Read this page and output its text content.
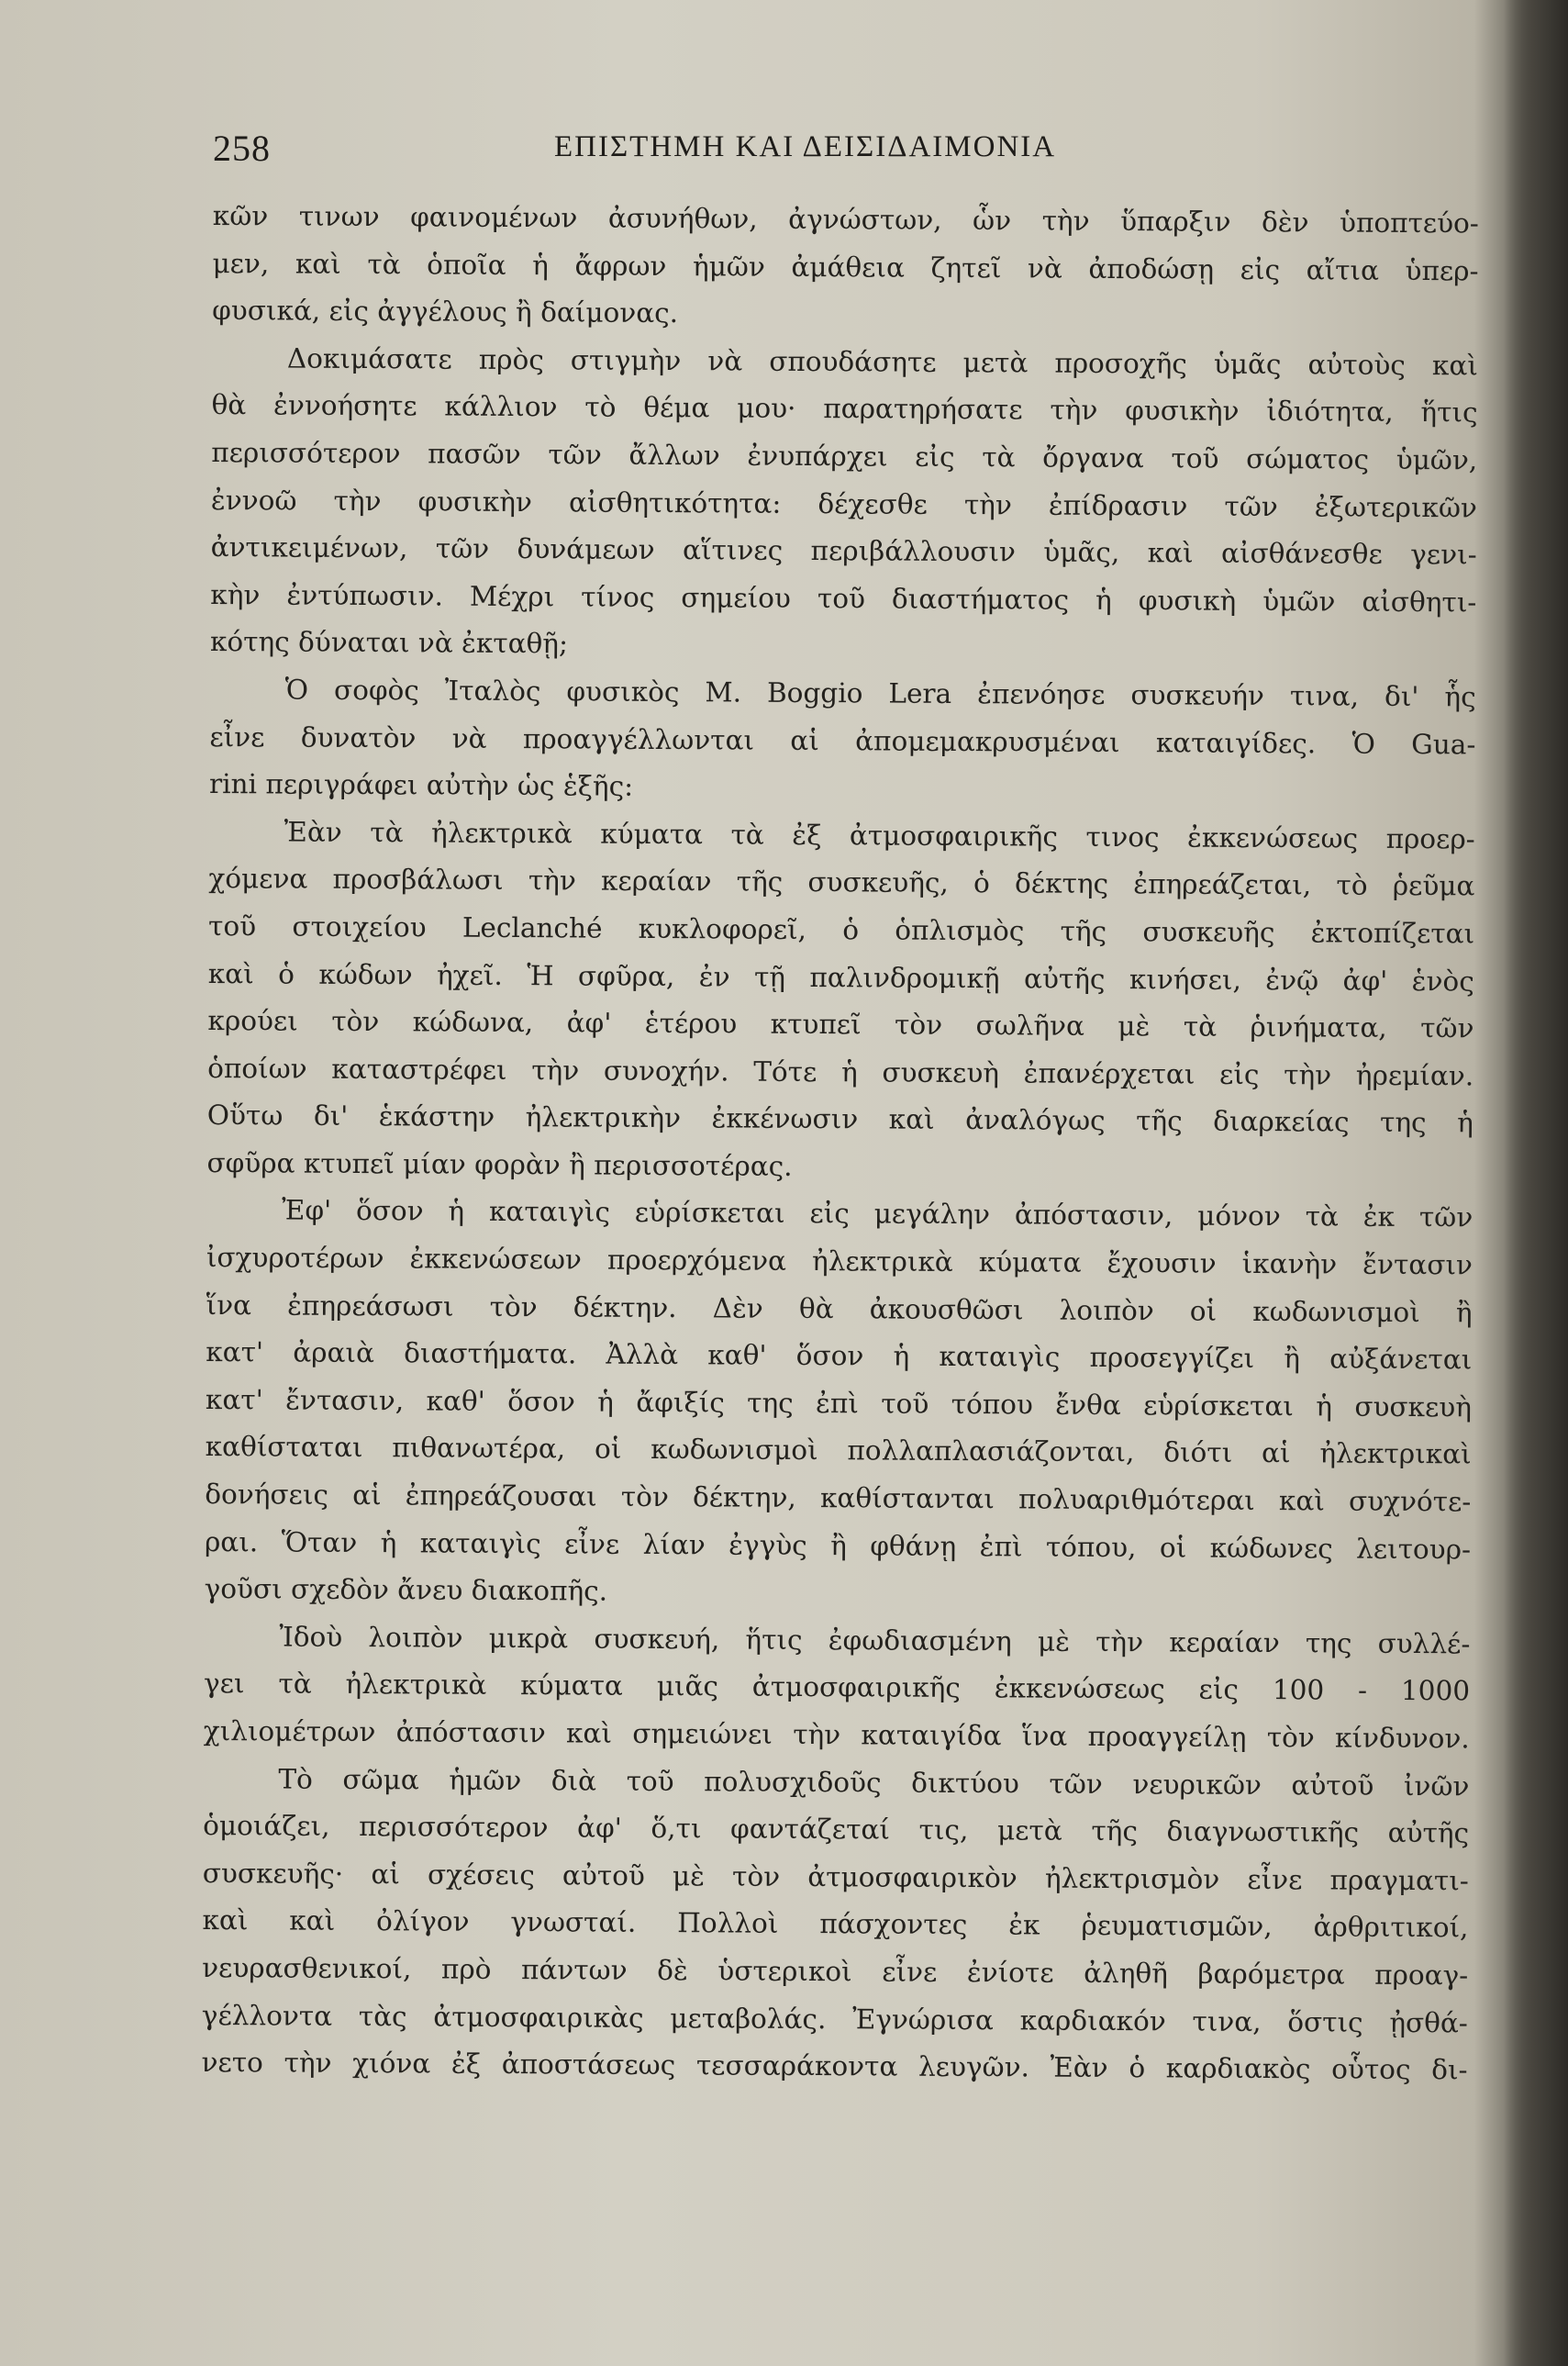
258	ΕΠΙΣΤΗΜΗ ΚΑΙ ΔΕΙΣΙΔΑΙΜΟΝΙΑ
κῶν τινων φαινομένων ἀσυνήθων, ἀγνώστων, ὧν τὴν ὕπαρξιν δὲν ὑποπτεύο-
μεν, καὶ τὰ ὁποῖα ἡ ἄφρων ἡμῶν ἀμάθεια ζητεῖ νὰ ἀποδώσῃ εἰς αἴτια ὑπερ-
φυσικά, εἰς ἀγγέλους ἢ δαίμονας.
Δοκιμάσατε πρὸς στιγμὴν νὰ σπουδάσητε μετὰ προσοχῆς ὑμᾶς αὐτοὺς καὶ
θὰ ἐννοήσητε κάλλιον τὸ θέμα μου· παρατηρήσατε τὴν φυσικὴν ἰδιότητα, ἥτις
περισσότερον πασῶν τῶν ἄλλων ἐνυπάρχει εἰς τὰ ὄργανα τοῦ σώματος ὑμῶν,
ἐννοῶ τὴν φυσικὴν αἰσθητικότητα: δέχεσθε τὴν ἐπίδρασιν τῶν ἐξωτερικῶν
ἀντικειμένων, τῶν δυνάμεων αἵτινες περιβάλλουσιν ὑμᾶς, καὶ αἰσθάνεσθε γενι-
κὴν ἐντύπωσιν. Μέχρι τίνος σημείου τοῦ διαστήματος ἡ φυσικὴ ὑμῶν αἰσθητι-
κότης δύναται νὰ ἐκταθῇ;
Ὁ σοφὸς Ἰταλὸς φυσικὸς Μ. Boggio Lera ἐπενόησε συσκευήν τινα, δι' ἧς
εἶνε δυνατὸν νὰ προαγγέλλωνται αἱ ἀπομεμακρυσμέναι καταιγίδες. Ὁ Gua-
rini περιγράφει αὐτὴν ὡς ἑξῆς:
Ἐὰν τὰ ἠλεκτρικὰ κύματα τὰ ἐξ ἀτμοσφαιρικῆς τινος ἐκκενώσεως προερ-
χόμενα προσβάλωσι τὴν κεραίαν τῆς συσκευῆς, ὁ δέκτης ἐπηρεάζεται, τὸ ῥεῦμα
τοῦ στοιχείου Leclanché κυκλοφορεῖ, ὁ ὁπλισμὸς τῆς συσκευῆς ἐκτοπίζεται
καὶ ὁ κώδων ἠχεῖ. Ἡ σφῦρα, ἐν τῇ παλινδρομικῇ αὐτῆς κινήσει, ἐνῷ ἀφ' ἑνὸς
κρούει τὸν κώδωνα, ἀφ' ἑτέρου κτυπεῖ τὸν σωλῆνα μὲ τὰ ῥινήματα, τῶν
ὁποίων καταστρέφει τὴν συνοχήν. Τότε ἡ συσκευὴ ἐπανέρχεται εἰς τὴν ἠρεμίαν.
Οὕτω δι' ἑκάστην ἠλεκτρικὴν ἐκκένωσιν καὶ ἀναλόγως τῆς διαρκείας της ἡ
σφῦρα κτυπεῖ μίαν φορὰν ἢ περισσοτέρας.
Ἐφ' ὅσον ἡ καταιγὶς εὑρίσκεται εἰς μεγάλην ἀπόστασιν, μόνον τὰ ἐκ τῶν
ἰσχυροτέρων ἐκκενώσεων προερχόμενα ἠλεκτρικὰ κύματα ἔχουσιν ἱκανὴν ἔντασιν
ἵνα ἐπηρεάσωσι τὸν δέκτην. Δὲν θὰ ἀκουσθῶσι λοιπὸν οἱ κωδωνισμοὶ ἢ
κατ' ἀραιὰ διαστήματα. Ἀλλὰ καθ' ὅσον ἡ καταιγὶς προσεγγίζει ἢ αὐξάνεται
κατ' ἔντασιν, καθ' ὅσον ἡ ἄφιξίς της ἐπὶ τοῦ τόπου ἔνθα εὑρίσκεται ἡ συσκευὴ
καθίσταται πιθανωτέρα, οἱ κωδωνισμοὶ πολλαπλασιάζονται, διότι αἱ ἠλεκτρικαὶ
δονήσεις αἱ ἐπηρεάζουσαι τὸν δέκτην, καθίστανται πολυαριθμότεραι καὶ συχνότε-
ραι. Ὅταν ἡ καταιγὶς εἶνε λίαν ἐγγὺς ἢ φθάνῃ ἐπὶ τόπου, οἱ κώδωνες λειτουρ-
γοῦσι σχεδὸν ἄνευ διακοπῆς.
Ἰδοὺ λοιπὸν μικρὰ συσκευή, ἥτις ἐφωδιασμένη μὲ τὴν κεραίαν της συλλέ-
γει τὰ ἠλεκτρικὰ κύματα μιᾶς ἀτμοσφαιρικῆς ἐκκενώσεως εἰς 100 - 1000
χιλιομέτρων ἀπόστασιν καὶ σημειώνει τὴν καταιγίδα ἵνα προαγγείλῃ τὸν κίνδυνον.
Τὸ σῶμα ἡμῶν διὰ τοῦ πολυσχιδοῦς δικτύου τῶν νευρικῶν αὐτοῦ ἰνῶν
ὁμοιάζει, περισσότερον ἀφ' ὅ,τι φαντάζεταί τις, μετὰ τῆς διαγνωστικῆς αὐτῆς
συσκευῆς· αἱ σχέσεις αὐτοῦ μὲ τὸν ἀτμοσφαιρικὸν ἠλεκτρισμὸν εἶνε πραγματι-
καὶ καὶ ὀλίγον γνωσταί. Πολλοὶ πάσχοντες ἐκ ῥευματισμῶν, ἀρθριτικοί,
νευρασθενικοί, πρὸ πάντων δὲ ὑστερικοὶ εἶνε ἐνίοτε ἀληθῆ βαρόμετρα προαγ-
γέλλοντα τὰς ἀτμοσφαιρικὰς μεταβολάς. Ἐγνώρισα καρδιακόν τινα, ὅστις ᾐσθά-
νετο τὴν χιόνα ἐξ ἀποστάσεως τεσσαράκοντα λευγῶν. Ἐὰν ὁ καρδιακὸς οὗτος δι-
